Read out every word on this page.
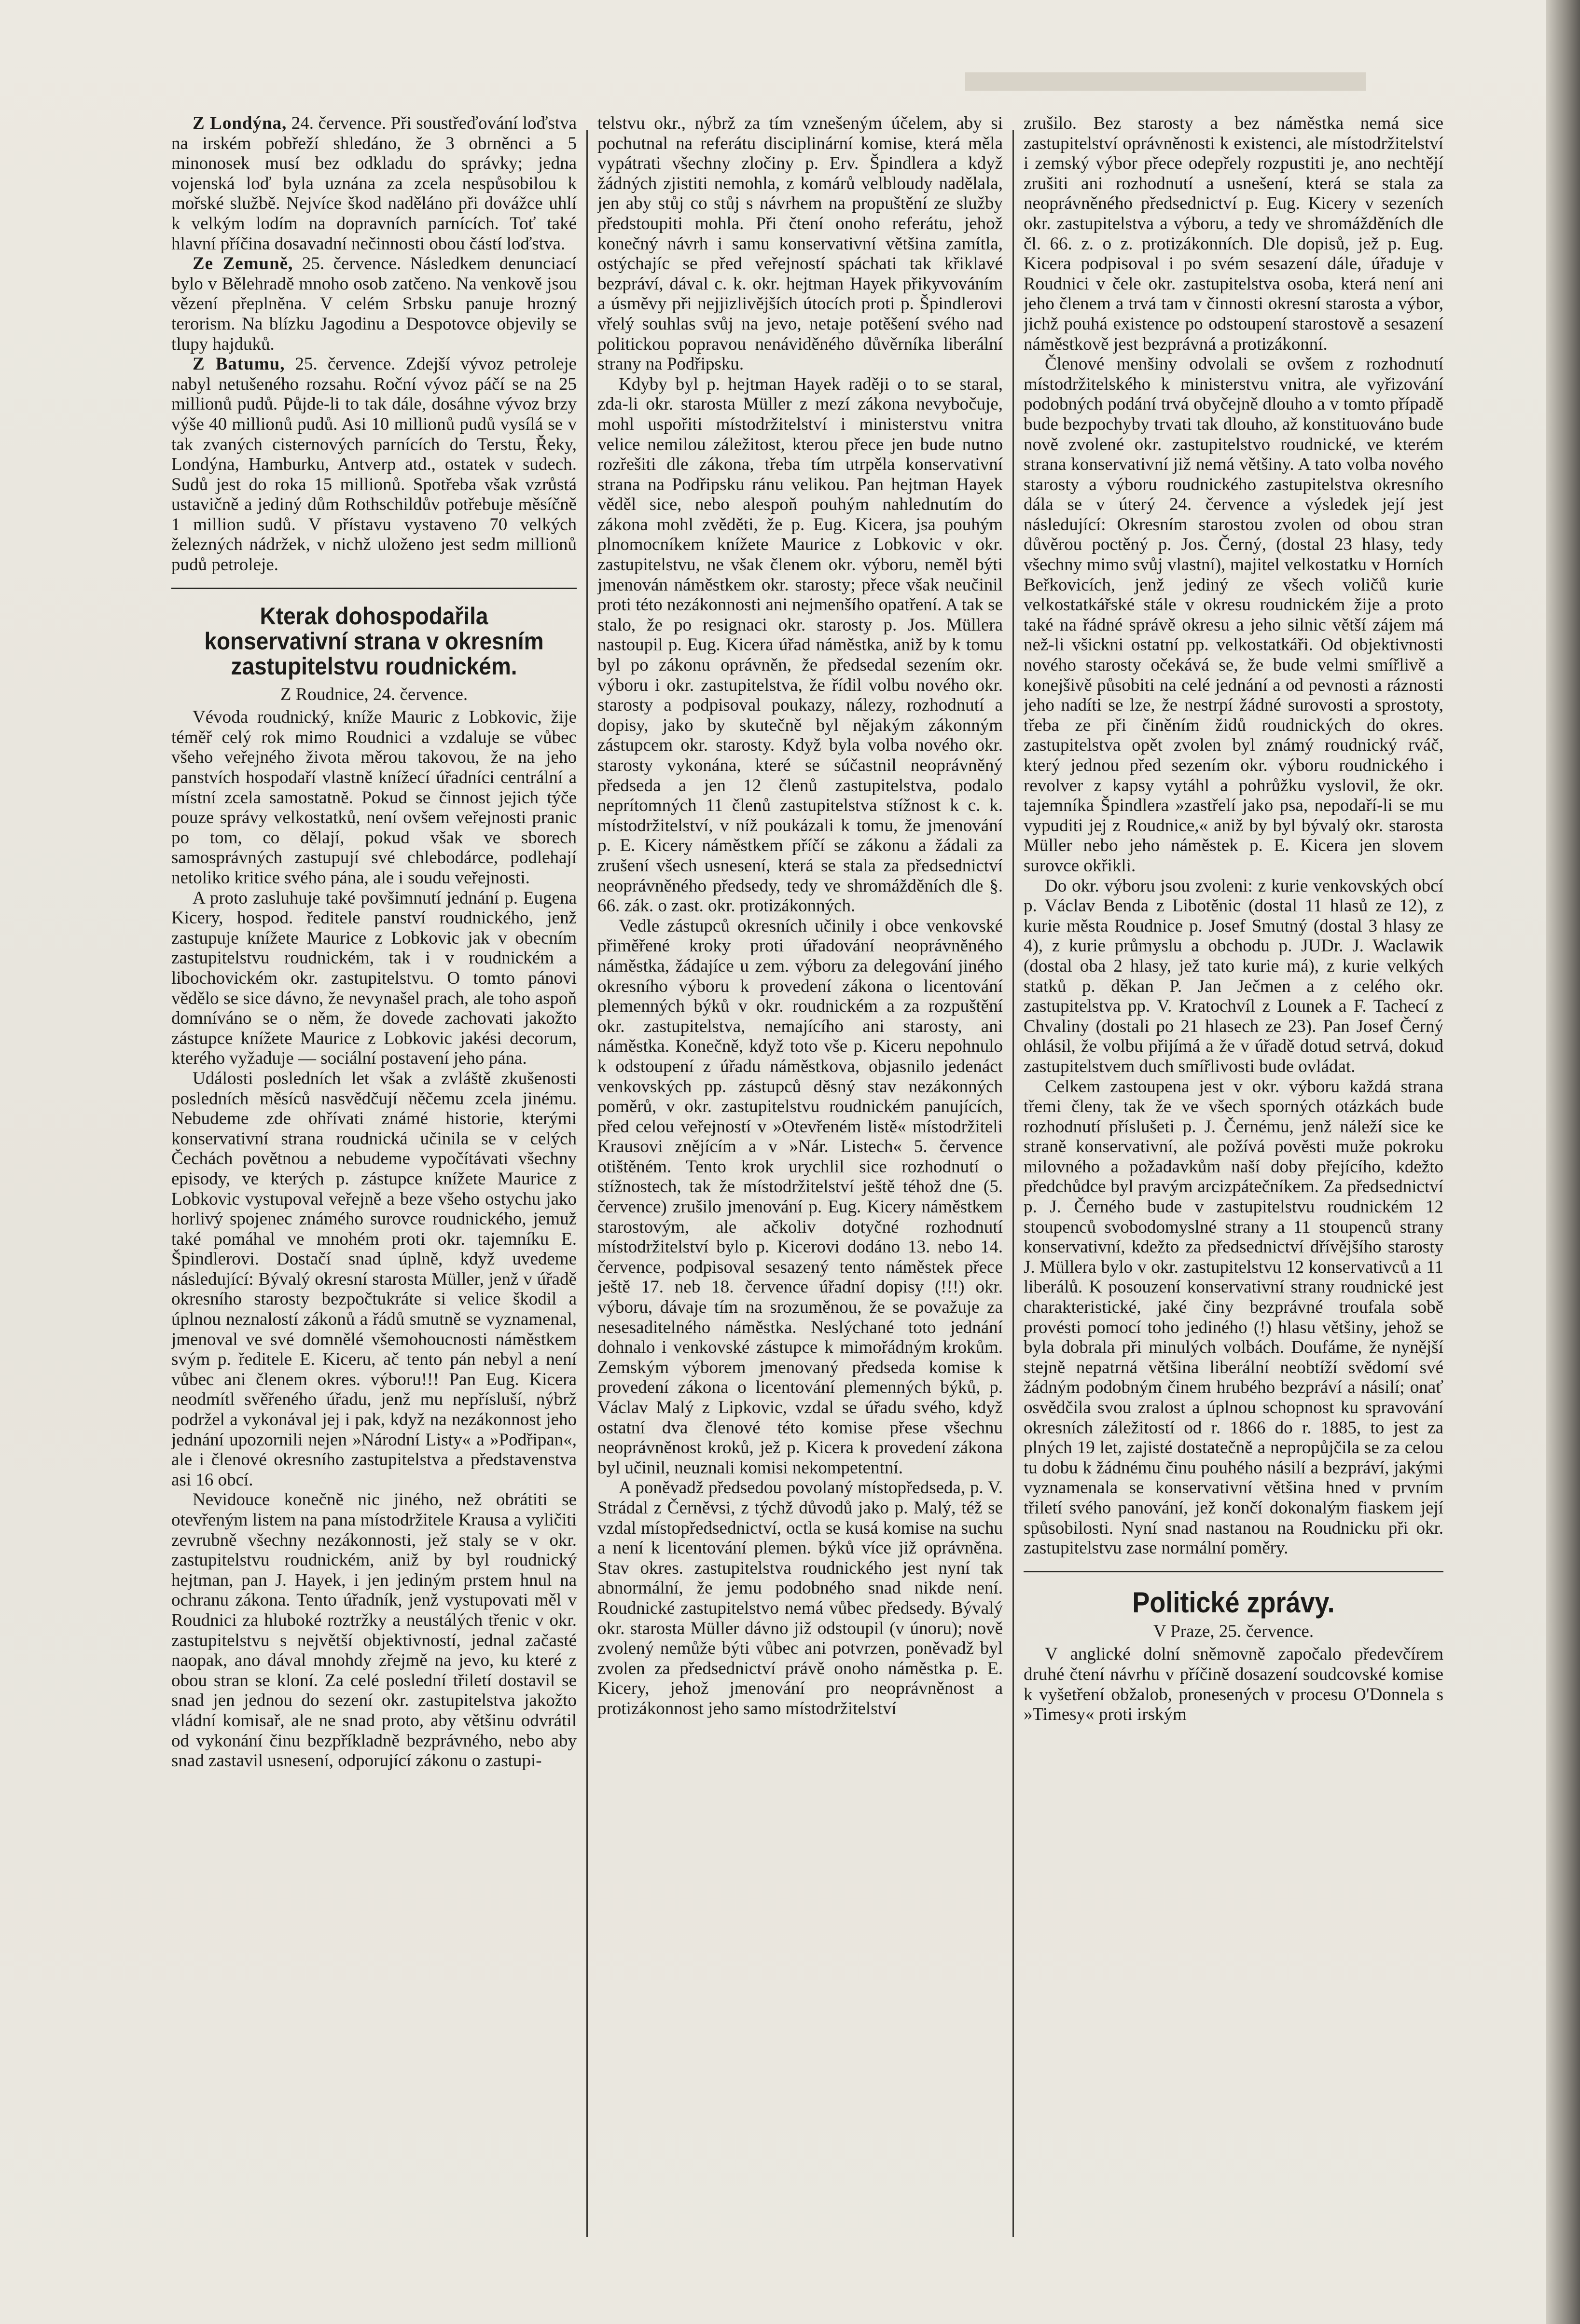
Z Londýna, 24. července. Při soustřeďování loďstva na irském pobřeží shledáno, že 3 obrněnci a 5 minonosek musí bez odkladu do správky; jedna vojenská loď byla uznána za zcela nespůsobilou k mořské službě. Nejvíce škod naděláno při dovážce uhlí k velkým lodím na dopravních parnících. Toť také hlavní příčina dosavadní nečinnosti obou částí loďstva.

Ze Zemuně, 25. července. Následkem denunciací bylo v Bělehradě mnoho osob zatčeno. Na venkově jsou vězení přeplněna. V celém Srbsku panuje hrozný terorism. Na blízku Jagodinu a Despotovce objevily se tlupy hajduků.

Z Batumu, 25. července. Zdejší vývoz petroleje nabyl netušeného rozsahu. Roční vývoz páčí se na 25 millionů pudů. Půjde-li to tak dále, dosáhne vývoz brzy výše 40 millionů pudů. Asi 10 millionů pudů vysílá se v tak zvaných cisternových parnících do Terstu, Řeky, Londýna, Hamburku, Antverp atd., ostatek v sudech. Sudů jest do roka 15 millionů. Spotřeba však vzrůstá ustavičně a jediný dům Rothschildův potřebuje měsíčně 1 million sudů. V přístavu vystaveno 70 velkých železných nádržek, v nichž uloženo jest sedm millionů pudů petroleje.

Kterak dohospodařila konservativní strana v okresním zastupitelstvu roudnickém.

Z Roudnice, 24. července.

Vévoda roudnický, kníže Mauric z Lobkovic, žije téměř celý rok mimo Roudnici a vzdaluje se vůbec všeho veřejného života měrou takovou, že na jeho panstvích hospodaří vlastně knížecí úřadníci centrální a místní zcela samostatně. Pokud se činnost jejich týče pouze správy velkostatků, není ovšem veřejnosti pranic po tom, co dělají, pokud však ve sborech samosprávných zastupují své chlebodárce, podlehají netoliko kritice svého pána, ale i soudu veřejnosti.

A proto zasluhuje také povšimnutí jednání p. Eugena Kicery, hospod. ředitele panství roudnického, jenž zastupuje knížete Maurice z Lobkovic jak v obecním zastupitelstvu roudnickém, tak i v roudnickém a libochovickém okr. zastupitelstvu. O tomto pánovi vědělo se sice dávno, že nevynašel prach, ale toho aspoň domníváno se o něm, že dovede zachovati jakožto zástupce knížete Maurice z Lobkovic jakési decorum, kterého vyžaduje — sociální postavení jeho pána.

Události posledních let však a zvláště zkušenosti posledních měsíců nasvědčují něčemu zcela jinému. Nebudeme zde ohřívati známé historie, kterými konservativní strana roudnická učinila se v celých Čechách povětnou a nebudeme vypočítávati všechny episody, ve kterých p. zástupce knížete Maurice z Lobkovic vystupoval veřejně a beze všeho ostychu jako horlivý spojenec známého surovce roudnického, jemuž také pomáhal ve mnohém proti okr. tajemníku E. Špindlerovi. Dostačí snad úplně, když uvedeme následující: Bývalý okresní starosta Müller, jenž v úřadě okresního starosty bezpočtukráte si velice škodil a úplnou neznalostí zákonů a řádů smutně se vyznamenal, jmenoval ve své domnělé všemohoucnosti náměstkem svým p. ředitele E. Kiceru, ač tento pán nebyl a není vůbec ani členem okres. výboru!!! Pan Eug. Kicera neodmítl svěřeného úřadu, jenž mu nepřísluší, nýbrž podržel a vykonával jej i pak, když na nezákonnost jeho jednání upozornili nejen »Národní Listy« a »Podřipan«, ale i členové okresního zastupitelstva a představenstva asi 16 obcí.

Nevidouce konečně nic jiného, než obrátiti se otevřeným listem na pana místodržitele Krausa a vyličiti zevrubně všechny nezákonnosti, jež staly se v okr. zastupitelstvu roudnickém, aniž by byl roudnický hejtman, pan J. Hayek, i jen jediným prstem hnul na ochranu zákona. Tento úřadník, jenž vystupovati měl v Roudnici za hluboké roztržky a neustálých třenic v okr. zastupitelstvu s největší objektivností, jednal začasté naopak, ano dával mnohdy zřejmě na jevo, ku které z obou stran se kloní. Za celé poslední třiletí dostavil se snad jen jednou do sezení okr. zastupitelstva jakožto vládní komisař, ale ne snad proto, aby většinu odvrátil od vykonání činu bezpříkladně bezprávného, nebo aby snad zastavil usnesení, odporující zákonu o zastupi-

telstvu okr., nýbrž za tím vznešeným účelem, aby si pochutnal na referátu disciplinární komise, která měla vypátrati všechny zločiny p. Erv. Špindlera a když žádných zjistiti nemohla, z komárů velbloudy nadělala, jen aby stůj co stůj s návrhem na propuštění ze služby předstoupiti mohla. Při čtení onoho referátu, jehož konečný návrh i samu konservativní většina zamítla, ostýchajíc se před veřejností spáchati tak křiklavé bezpráví, dával c. k. okr. hejtman Hayek přikyvováním a úsměvy při nejjizlivějších útocích proti p. Špindlerovi vřelý souhlas svůj na jevo, netaje potěšení svého nad politickou popravou nenáviděného důvěrníka liberální strany na Podřipsku.

Kdyby byl p. hejtman Hayek raději o to se staral, zda-li okr. starosta Müller z mezí zákona nevybočuje, mohl uspořiti místodržitelství i ministerstvu vnitra velice nemilou záležitost, kterou přece jen bude nutno rozřešiti dle zákona, třeba tím utrpěla konservativní strana na Podřipsku ránu velikou. Pan hejtman Hayek věděl sice, nebo alespoň pouhým nahlednutím do zákona mohl zvěděti, že p. Eug. Kicera, jsa pouhým plnomocníkem knížete Maurice z Lobkovic v okr. zastupitelstvu, ne však členem okr. výboru, neměl býti jmenován náměstkem okr. starosty; přece však neučinil proti této nezákonnosti ani nejmenšího opatření. A tak se stalo, že po resignaci okr. starosty p. Jos. Müllera nastoupil p. Eug. Kicera úřad náměstka, aniž by k tomu byl po zákonu oprávněn, že předsedal sezením okr. výboru i okr. zastupitelstva, že řídil volbu nového okr. starosty a podpisoval poukazy, nálezy, rozhodnutí a dopisy, jako by skutečně byl nějakým zákonným zástupcem okr. starosty. Když byla volba nového okr. starosty vykonána, které se súčastnil neoprávněný předseda a jen 12 členů zastupitelstva, podalo neprítomných 11 členů zastupitelstva stížnost k c. k. místodržitelství, v níž poukázali k tomu, že jmenování p. E. Kicery náměstkem příčí se zákonu a žádali za zrušení všech usnesení, která se stala za předsednictví neoprávněného předsedy, tedy ve shromážděních dle §. 66. zák. o zast. okr. protizákonných.

Vedle zástupců okresních učinily i obce venkovské přiměřené kroky proti úřadování neoprávněného náměstka, žádajíce u zem. výboru za delegování jiného okresního výboru k provedení zákona o licentování plemenných býků v okr. roudnickém a za rozpuštění okr. zastupitelstva, nemajícího ani starosty, ani náměstka. Konečně, když toto vše p. Kiceru nepohnulo k odstoupení z úřadu náměstkova, objasnilo jedenáct venkovských pp. zástupců děsný stav nezákonných poměrů, v okr. zastupitelstvu roudnickém panujících, před celou veřejností v »Otevřeném listě« místodržiteli Krausovi znějícím a v »Nár. Listech« 5. července otištěném. Tento krok urychlil sice rozhodnutí o stížnostech, tak že místodržitelství ještě téhož dne (5. července) zrušilo jmenování p. Eug. Kicery náměstkem starostovým, ale ačkoliv dotyčné rozhodnutí místodržitelství bylo p. Kicerovi dodáno 13. nebo 14. července, podpisoval sesazený tento náměstek přece ještě 17. neb 18. července úřadní dopisy (!!!) okr. výboru, dávaje tím na srozuměnou, že se považuje za nesesaditelného náměstka. Neslýchané toto jednání dohnalo i venkovské zástupce k mimořádným krokům. Zemským výborem jmenovaný předseda komise k provedení zákona o licentování plemenných býků, p. Václav Malý z Lipkovic, vzdal se úřadu svého, když ostatní dva členové této komise přese všechnu neoprávněnost kroků, jež p. Kicera k provedení zákona byl učinil, neuznali komisi nekompetentní.

A poněvadž předsedou povolaný místopředseda, p. V. Strádal z Černěvsi, z týchž důvodů jako p. Malý, též se vzdal místopředsednictví, octla se kusá komise na suchu a není k licentování plemen. býků více již oprávněna. Stav okres. zastupitelstva roudnického jest nyní tak abnormální, že jemu podobného snad nikde není. Roudnické zastupitelstvo nemá vůbec předsedy. Bývalý okr. starosta Müller dávno již odstoupil (v únoru); nově zvolený nemůže býti vůbec ani potvrzen, poněvadž byl zvolen za předsednictví právě onoho náměstka p. E. Kicery, jehož jmenování pro neoprávněnost a protizákonnost jeho samo místodržitelství

zrušilo. Bez starosty a bez náměstka nemá sice zastupitelství oprávněnosti k existenci, ale místodržitelství i zemský výbor přece odepřely rozpustiti je, ano nechtějí zrušiti ani rozhodnutí a usnešení, která se stala za neoprávněného předsednictví p. Eug. Kicery v sezeních okr. zastupitelstva a výboru, a tedy ve shromážděních dle čl. 66. z. o z. protizákonních. Dle dopisů, jež p. Eug. Kicera podpisoval i po svém sesazení dále, úřaduje v Roudnici v čele okr. zastupitelstva osoba, která není ani jeho členem a trvá tam v činnosti okresní starosta a výbor, jichž pouhá existence po odstoupení starostově a sesazení náměstkově jest bezprávná a protizákonní.

Členové menšiny odvolali se ovšem z rozhodnutí místodržitelského k ministerstvu vnitra, ale vyřizování podobných podání trvá obyčejně dlouho a v tomto případě bude bezpochyby trvati tak dlouho, až konstituováno bude nově zvolené okr. zastupitelstvo roudnické, ve kterém strana konservativní již nemá většiny. A tato volba nového starosty a výboru roudnického zastupitelstva okresního dála se v úterý 24. července a výsledek její jest následující: Okresním starostou zvolen od obou stran důvěrou poctěný p. Jos. Černý, (dostal 23 hlasy, tedy všechny mimo svůj vlastní), majitel velkostatku v Horních Beřkovicích, jenž jediný ze všech voličů kurie velkostatkářské stále v okresu roudnickém žije a proto také na řádné správě okresu a jeho silnic větší zájem má než-li všickni ostatní pp. velkostatkáři. Od objektivnosti nového starosty očekává se, že bude velmi smířlivě a konejšivě působiti na celé jednání a od pevnosti a ráznosti jeho nadíti se lze, že nestrpí žádné surovosti a sprostoty, třeba ze při činěním židů roudnických do okres. zastupitelstva opět zvolen byl známý roudnický rváč, který jednou před sezením okr. výboru roudnického i revolver z kapsy vytáhl a pohrůžku vyslovil, že okr. tajemníka Špindlera »zastřelí jako psa, nepodaří-li se mu vypuditi jej z Roudnice,« aniž by byl bývalý okr. starosta Müller nebo jeho náměstek p. E. Kicera jen slovem surovce okřikli.

Do okr. výboru jsou zvoleni: z kurie venkovských obcí p. Václav Benda z Libotěnic (dostal 11 hlasů ze 12), z kurie města Roudnice p. Josef Smutný (dostal 3 hlasy ze 4), z kurie průmyslu a obchodu p. JUDr. J. Waclawik (dostal oba 2 hlasy, jež tato kurie má), z kurie velkých statků p. děkan P. Jan Ječmen a z celého okr. zastupitelstva pp. V. Kratochvíl z Lounek a F. Tachecí z Chvaliny (dostali po 21 hlasech ze 23). Pan Josef Černý ohlásil, že volbu přijímá a že v úřadě dotud setrvá, dokud zastupitelstvem duch smířlivosti bude ovládat.

Celkem zastoupena jest v okr. výboru každá strana třemi členy, tak že ve všech sporných otázkách bude rozhodnutí příslušeti p. J. Černému, jenž náleží sice ke straně konservativní, ale požívá pověsti muže pokroku milovného a požadavkům naší doby přejícího, kdežto předchůdce byl pravým arcizpátečníkem. Za předsednictví p. J. Černého bude v zastupitelstvu roudnickém 12 stoupenců svobodomyslné strany a 11 stoupenců strany konservativní, kdežto za předsednictví dřívějšího starosty J. Müllera bylo v okr. zastupitelstvu 12 konservativců a 11 liberálů. K posouzení konservativní strany roudnické jest charakteristické, jaké činy bezprávné troufala sobě provésti pomocí toho jediného (!) hlasu většiny, jehož se byla dobrala při minulých volbách. Doufáme, že nynější stejně nepatrná většina liberální neobtíží svědomí své žádným podobným činem hrubého bezpráví a násilí; onať osvědčila svou zralost a úplnou schopnost ku spravování okresních záležitostí od r. 1866 do r. 1885, to jest za plných 19 let, zajisté dostatečně a nepropůjčila se za celou tu dobu k žádnému činu pouhého násilí a bezpráví, jakými vyznamenala se konservativní většina hned v prvním třiletí svého panování, jež končí dokonalým fiaskem její spůsobilosti. Nyní snad nastanou na Roudnicku při okr. zastupitelstvu zase normální poměry.

Politické zprávy.

V Praze, 25. července.

V anglické dolní sněmovně započalo předevčírem druhé čtení návrhu v příčině dosazení soudcovské komise k vyšetření obžalob, pronesených v procesu O'Donnela s »Timesy« proti irským
